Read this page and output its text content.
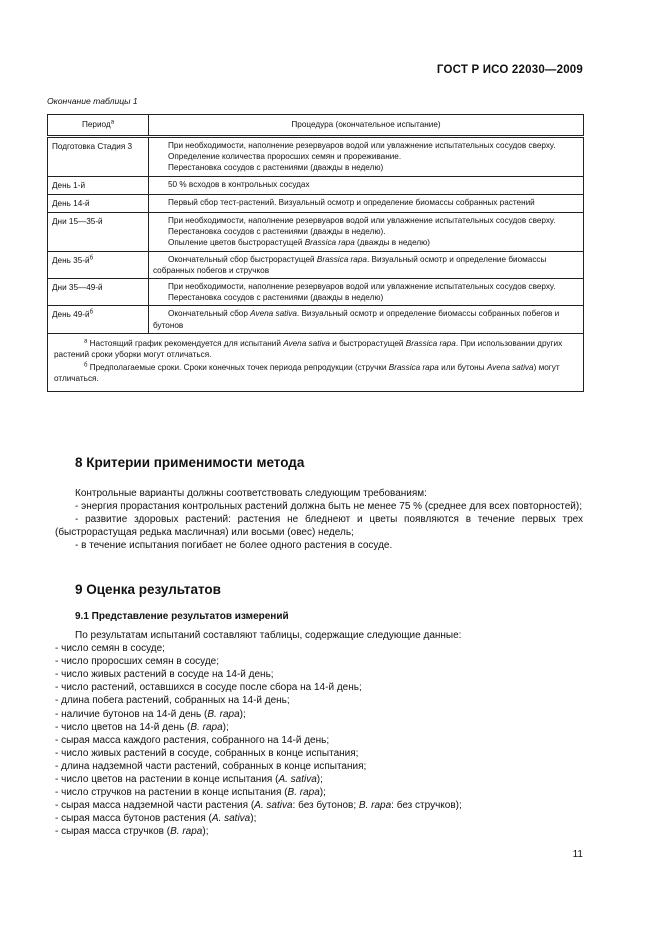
ГОСТ Р ИСО 22030—2009
Окончание таблицы 1
Период$^а$	Процедура (окончательное испытание)
Подготовка Стадия 3	При необходимости, наполнение резервуаров водой или увлажнение испытательных сосудов сверху.

Определение количества проросших семян и прореживание.

Перестановка сосудов с растениями (дважды в неделю)

День 1-й	50 % всходов в контрольных сосудах

День 14-й	Первый сбор тест-растений. Визуальный осмотр и определение биомассы собранных растений

Дни 15—35-й	При необходимости, наполнение резервуаров водой или увлажнение испытательных сосудов сверху.

Перестановка сосудов с растениями (дважды в неделю).

Опыление цветов быстрорастущей Brassica rapa (дважды в неделю)

День $35-й^б$	Окончательный сбор быстрорастущей Brassica rapa. Визуальный осмотр и определение биомассы собранных побегов и стручков

Дни 35—49-й	При необходимости, наполнение резервуаров водой или увлажнение испытательных сосудов сверху.

Перестановка сосудов с растениями (дважды в неделю)

День $49-й^б$	Окончательный сбор Avena sativa. Визуальный осмотр и определение биомассы собранных побегов и бутонов

$^а$ Настоящий график рекомендуется для испытаний Avena sativa и быстрорастущей Brassica rapa. При использовании других растений сроки уборки могут отличаться.

$^б$ Предполагаемые сроки. Сроки конечных точек периода репродукции (стручки Brassica rapa или бутоны Avena sativa) могут отличаться.	

8 Критерии применимости метода

Контрольные варианты должны соответствовать следующим требованиям:

- энергия прорастания контрольных растений должна быть не менее 75 % (среднее для всех повторностей);

- развитие здоровых растений: растения не бледнеют и цветы появляются в течение первых трех (быстрорастущая редька масличная) или восьми (овес) недель;

- в течение испытания погибает не более одного растения в сосуде.

9 Оценка результатов
9.1 Представление результатов измерений

По результатам испытаний составляют таблицы, содержащие следующие данные:

- число семян в сосуде;
- число проросших семян в сосуде;
- число живых растений в сосуде на 14-й день;
- число растений, оставшихся в сосуде после сбора на 14-й день;
- длина побега растений, собранных на 14-й день;
- наличие бутонов на 14-й день (B. rapa);
- число цветов на 14-й день (B. rapa);
- сырая масса каждого растения, собранного на 14-й день;
- число живых растений в сосуде, собранных в конце испытания;
- длина надземной части растений, собранных в конце испытания;
- число цветов на растении в конце испытания (A. sativa);
- число стручков на растении в конце испытания (B. rapa);
- сырая масса надземной части растения (A. sativa: без бутонов; B. rapa: без стручков);
- сырая масса бутонов растения (A. sativa);
- сырая масса стручков (B. rapa);
11
